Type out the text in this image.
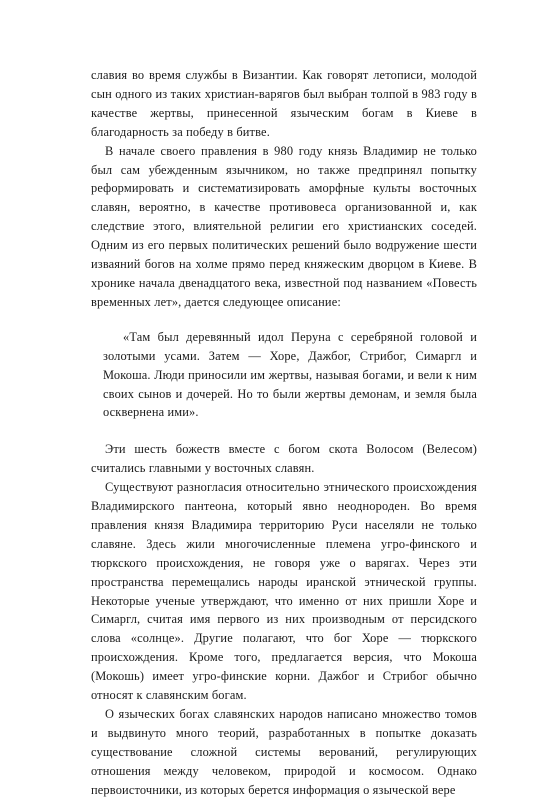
славия во время службы в Византии. Как говорят летописи, молодой сын одного из таких христиан-варягов был выбран толпой в 983 году в качестве жертвы, принесенной языческим богам в Киеве в благодарность за победу в битве.

В начале своего правления в 980 году князь Владимир не только был сам убежденным язычником, но также предпринял попытку реформировать и систематизировать аморфные культы восточных славян, вероятно, в качестве противовеса организованной и, как следствие этого, влиятельной религии его христианских соседей. Одним из его первых политических решений было водружение шести изваяний богов на холме прямо перед княжеским дворцом в Киеве. В хронике начала двенадцатого века, известной под названием «Повесть временных лет», дается следующее описание:

«Там был деревянный идол Перуна с серебряной головой и золотыми усами. Затем — Хоре, Дажбог, Стрибог, Симаргл и Мокоша. Люди приносили им жертвы, называя богами, и вели к ним своих сынов и дочерей. Но то были жертвы демонам, и земля была осквернена ими».

Эти шесть божеств вместе с богом скота Волосом (Велесом) считались главными у восточных славян.

Существуют разногласия относительно этнического происхождения Владимирского пантеона, который явно неоднороден. Во время правления князя Владимира территорию Руси населяли не только славяне. Здесь жили многочисленные племена угро-финского и тюркского происхождения, не говоря уже о варягах. Через эти пространства перемещались народы иранской этнической группы. Некоторые ученые утверждают, что именно от них пришли Хоре и Симаргл, считая имя первого из них производным от персидского слова «солнце». Другие полагают, что бог Хоре — тюркского происхождения. Кроме того, предлагается версия, что Мокоша (Мокошь) имеет угро-финские корни. Дажбог и Стрибог обычно относят к славянским богам.

О языческих богах славянских народов написано множество томов и выдвинуто много теорий, разработанных в попытке доказать существование сложной системы верований, регулирующих отношения между человеком, природой и космосом. Однако первоисточники, из которых берется информация о языческой вере
